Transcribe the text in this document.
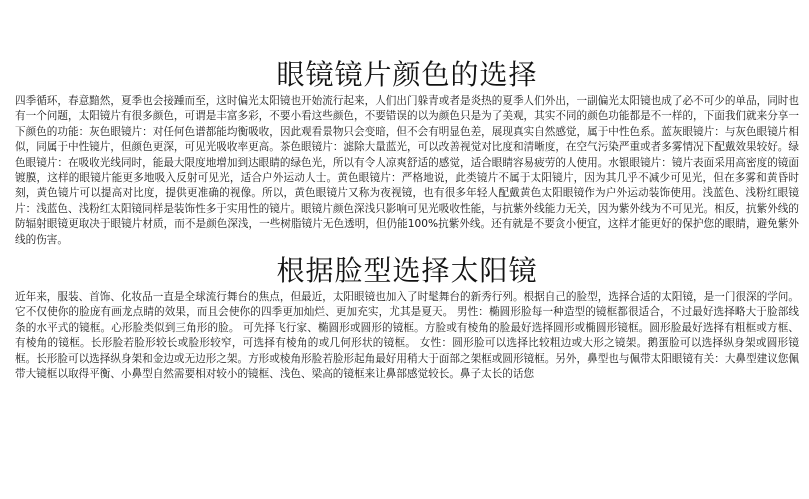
眼镜镜片颜色的选择

四季循环，春意黯然，夏季也会接踵而至，这时偏光太阳镜也开始流行起来，人们出门躲青或者是炎热的夏季人们外出，一副偏光太阳镜也成了必不可少的单品，同时也有一个问题，太阳镜片有很多颜色，可谓是丰富多彩，不要小看这些颜色，不要错误的以为颜色只是为了美观，其实不同的颜色功能都是不一样的，下面我们就来分享一下颜色的功能：灰色眼镜片：对任何色谱都能均衡吸收，因此观看景物只会变暗，但不会有明显色差，展现真实自然感觉，属于中性色系。蓝灰眼镜片：与灰色眼镜片相似，同属于中性镜片，但颜色更深，可见光吸收率更高。茶色眼镜片：滤除大量蓝光，可以改善视觉对比度和清晰度，在空气污染严重或者多雾情况下配戴效果较好。绿色眼镜片：在吸收光线同时，能最大限度地增加到达眼睛的绿色光，所以有令人凉爽舒适的感觉，适合眼睛容易疲劳的人使用。水银眼镜片：镜片表面采用高密度的镜面镀膜，这样的眼镜片能更多地吸入反射可见光，适合户外运动人士。黄色眼镜片：严格地说，此类镜片不属于太阳镜片，因为其几乎不减少可见光，但在多雾和黄昏时刻，黄色镜片可以提高对比度，提供更准确的视像。所以，黄色眼镜片又称为夜视镜，也有很多年轻人配戴黄色太阳眼镜作为户外运动装饰使用。浅蓝色、浅粉红眼镜片：浅蓝色、浅粉红太阳镜同样是装饰性多于实用性的镜片。眼镜片颜色深浅只影响可见光吸收性能，与抗紫外线能力无关，因为紫外线为不可见光。相反，抗紫外线的防辐射眼镜更取决于眼镜片材质，而不是颜色深浅，一些树脂镜片无色透明，但仍能100%抗紫外线。还有就是不要贪小便宜，这样才能更好的保护您的眼睛，避免紫外线的伤害。

根据脸型选择太阳镜

近年来，服装、首饰、化妆品一直是全球流行舞台的焦点，但最近，太阳眼镜也加入了时髦舞台的新秀行列。根据自己的脸型，选择合适的太阳镜，是一门很深的学问。它不仅使你的脸庞有画龙点睛的效果，而且会使你的四季更加灿烂、更加充实，尤其是夏天。 男性：椭圆形脸每一种造型的镜框都很适合，不过最好选择略大于脸部线条的水平式的镜框。心形脸类似到三角形的脸。 可先择飞行家、椭圆形或圆形的镜框。方脸或有棱角的脸最好选择圆形或椭圆形镜框。圆形脸最好选择有粗框或方框、有棱角的镜框。长形脸若脸形较长或脸形较窄，可选择有棱角的或几何形状的镜框。 女性：圆形脸可以选择比较粗边或大形之镜架。鹅蛋脸可以选择纵身架或圆形镜框。长形脸可以选择纵身架和金边或无边形之架。方形或棱角形脸若脸形起角最好用稍大于面部之架框或圆形镜框。另外，鼻型也与佩带太阳眼镜有关：大鼻型建议您佩带大镜框以取得平衡、小鼻型自然需要相对较小的镜框、浅色、梁高的镜框来让鼻部感觉较长。鼻子太长的话您
